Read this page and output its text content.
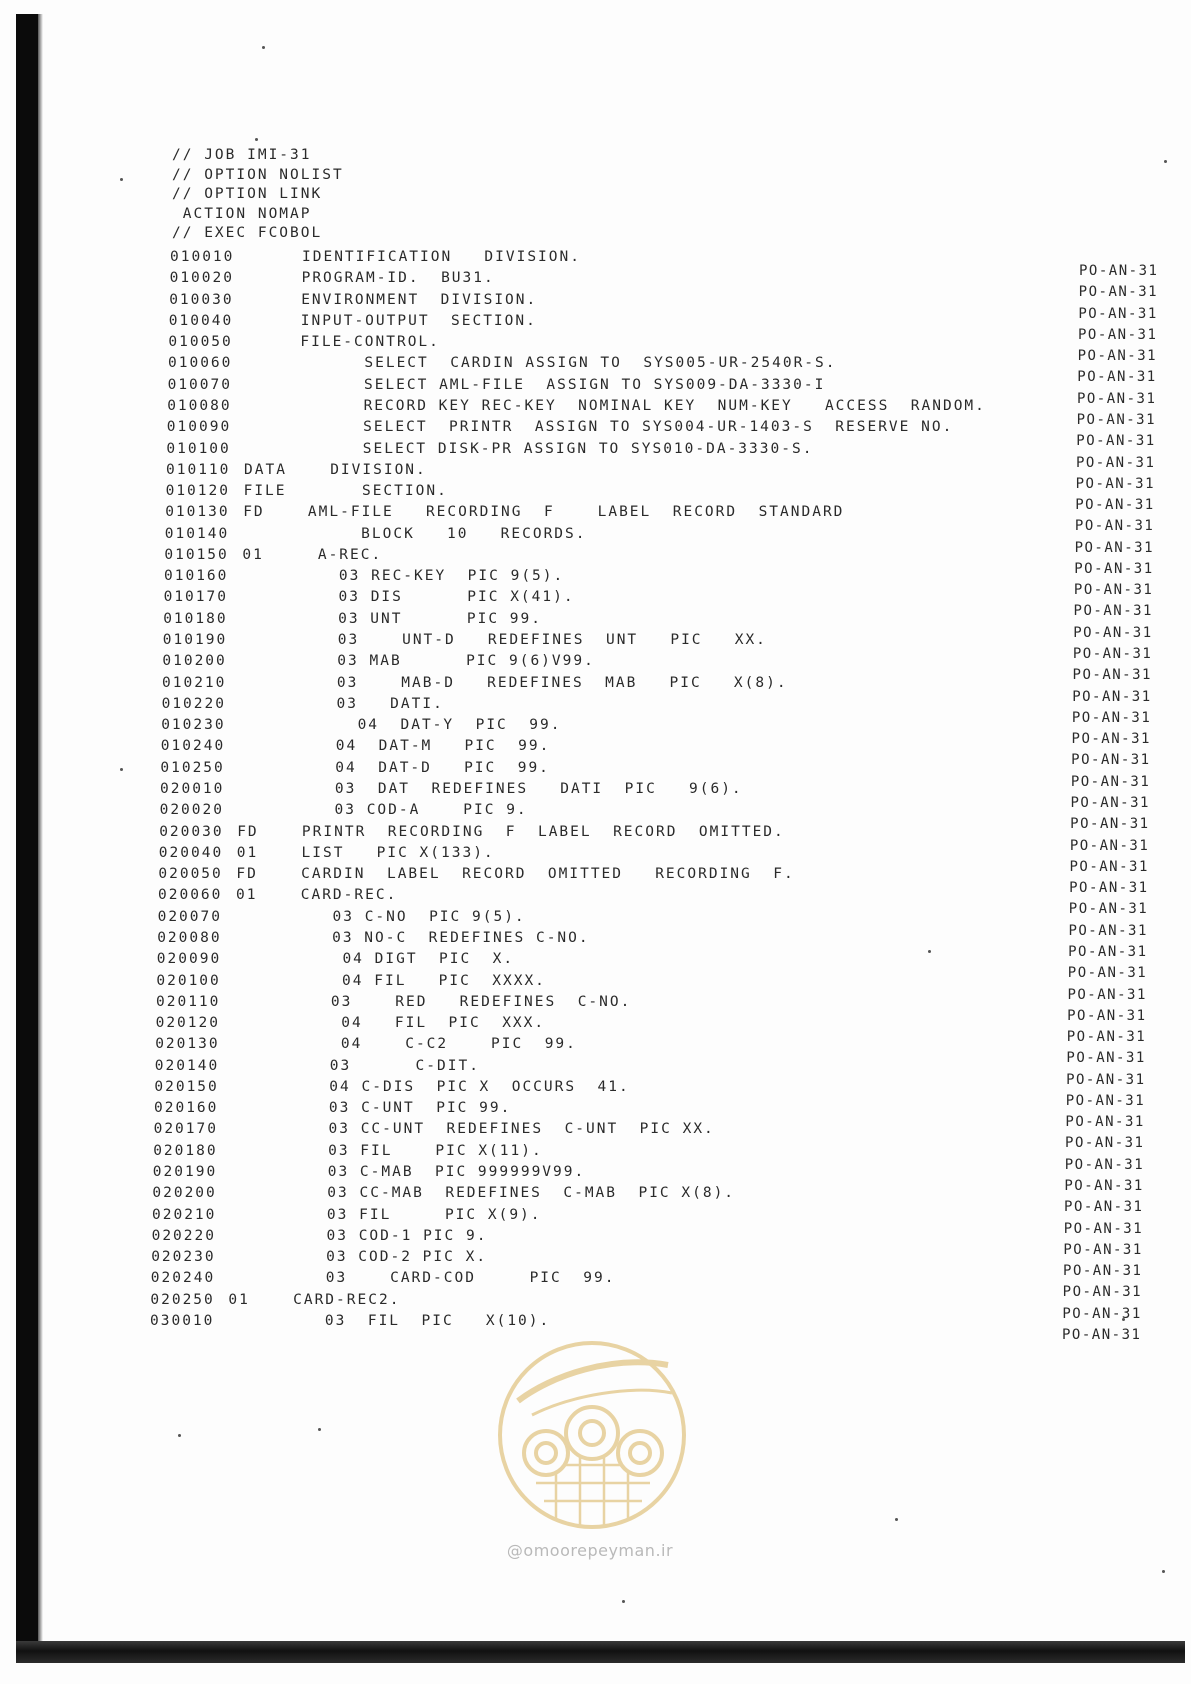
// JOB IMI-31
// OPTION NOLIST
// OPTION LINK
ACTION NOMAP
// EXEC FCOBOL
010010	IDENTIFICATION   DIVISION.
PO-AN-31
010020	PROGRAM-ID.  BU31.
PO-AN-31
010030	ENVIRONMENT  DIVISION.
PO-AN-31
010040	INPUT-OUTPUT  SECTION.
PO-AN-31
010050	FILE-CONTROL.
PO-AN-31
010060	SELECT  CARDIN ASSIGN TO  SYS005-UR-2540R-S.
PO-AN-31
010070	SELECT AML-FILE  ASSIGN TO SYS009-DA-3330-I
PO-AN-31
010080	RECORD KEY REC-KEY  NOMINAL KEY  NUM-KEY   ACCESS  RANDOM.
PO-AN-31
010090	SELECT  PRINTR  ASSIGN TO SYS004-UR-1403-S  RESERVE NO.
PO-AN-31
010100	SELECT DISK-PR ASSIGN TO SYS010-DA-3330-S.
PO-AN-31
010110 DATA   DIVISION.
PO-AN-31
010120 FILE      SECTION.
PO-AN-31
010130 FD AML-FILE   RECORDING  F    LABEL  RECORD  STANDARD
PO-AN-31
010140	BLOCK   10   RECORDS.
PO-AN-31
010150 01  A-REC.
PO-AN-31
010160	03 REC-KEY  PIC 9(5).
PO-AN-31
010170	03 DIS      PIC X(41).
PO-AN-31
010180	03 UNT      PIC 99.
PO-AN-31
010190	03    UNT-D   REDEFINES  UNT   PIC   XX.
PO-AN-31
010200	03 MAB      PIC 9(6)V99.
PO-AN-31
010210	03    MAB-D   REDEFINES  MAB   PIC   X(8).
PO-AN-31
010220	03   DATI.
PO-AN-31
010230	04  DAT-Y  PIC  99.
PO-AN-31
010240	04  DAT-M   PIC  99.
PO-AN-31
010250	04  DAT-D   PIC  99.
PO-AN-31
020010	03  DAT  REDEFINES   DATI  PIC   9(6).
PO-AN-31
020020	03 COD-A    PIC 9.
PO-AN-31
020030 FD PRINTR  RECORDING  F  LABEL  RECORD  OMITTED.
PO-AN-31
020040 01 LIST   PIC X(133).
PO-AN-31
020050 FD CARDIN  LABEL  RECORD  OMITTED   RECORDING  F.
PO-AN-31
020060 01 CARD-REC.
PO-AN-31
020070	03 C-NO  PIC 9(5).
PO-AN-31
020080	03 NO-C  REDEFINES C-NO.
PO-AN-31
020090	04 DIGT  PIC  X.
PO-AN-31
020100	04 FIL   PIC  XXXX.
PO-AN-31
020110	03    RED   REDEFINES  C-NO.
PO-AN-31
020120	04   FIL  PIC  XXX.
PO-AN-31
020130	04    C-C2    PIC  99.
PO-AN-31
020140	03      C-DIT.
PO-AN-31
020150	04 C-DIS  PIC X  OCCURS  41.
PO-AN-31
020160	03 C-UNT  PIC 99.
PO-AN-31
020170	03 CC-UNT  REDEFINES  C-UNT  PIC XX.
PO-AN-31
020180	03 FIL    PIC X(11).
PO-AN-31
020190	03 C-MAB  PIC 999999V99.
PO-AN-31
020200	03 CC-MAB  REDEFINES  C-MAB  PIC X(8).
PO-AN-31
020210	03 FIL     PIC X(9).
PO-AN-31
020220	03 COD-1 PIC 9.
PO-AN-31
020230	03 COD-2 PIC X.
PO-AN-31
020240	03    CARD-COD     PIC  99.
PO-AN-31
020250 01 CARD-REC2.
PO-AN-31
030010	03  FIL  PIC   X(10).
PO-AN-31
@omoorepeyman.ir
